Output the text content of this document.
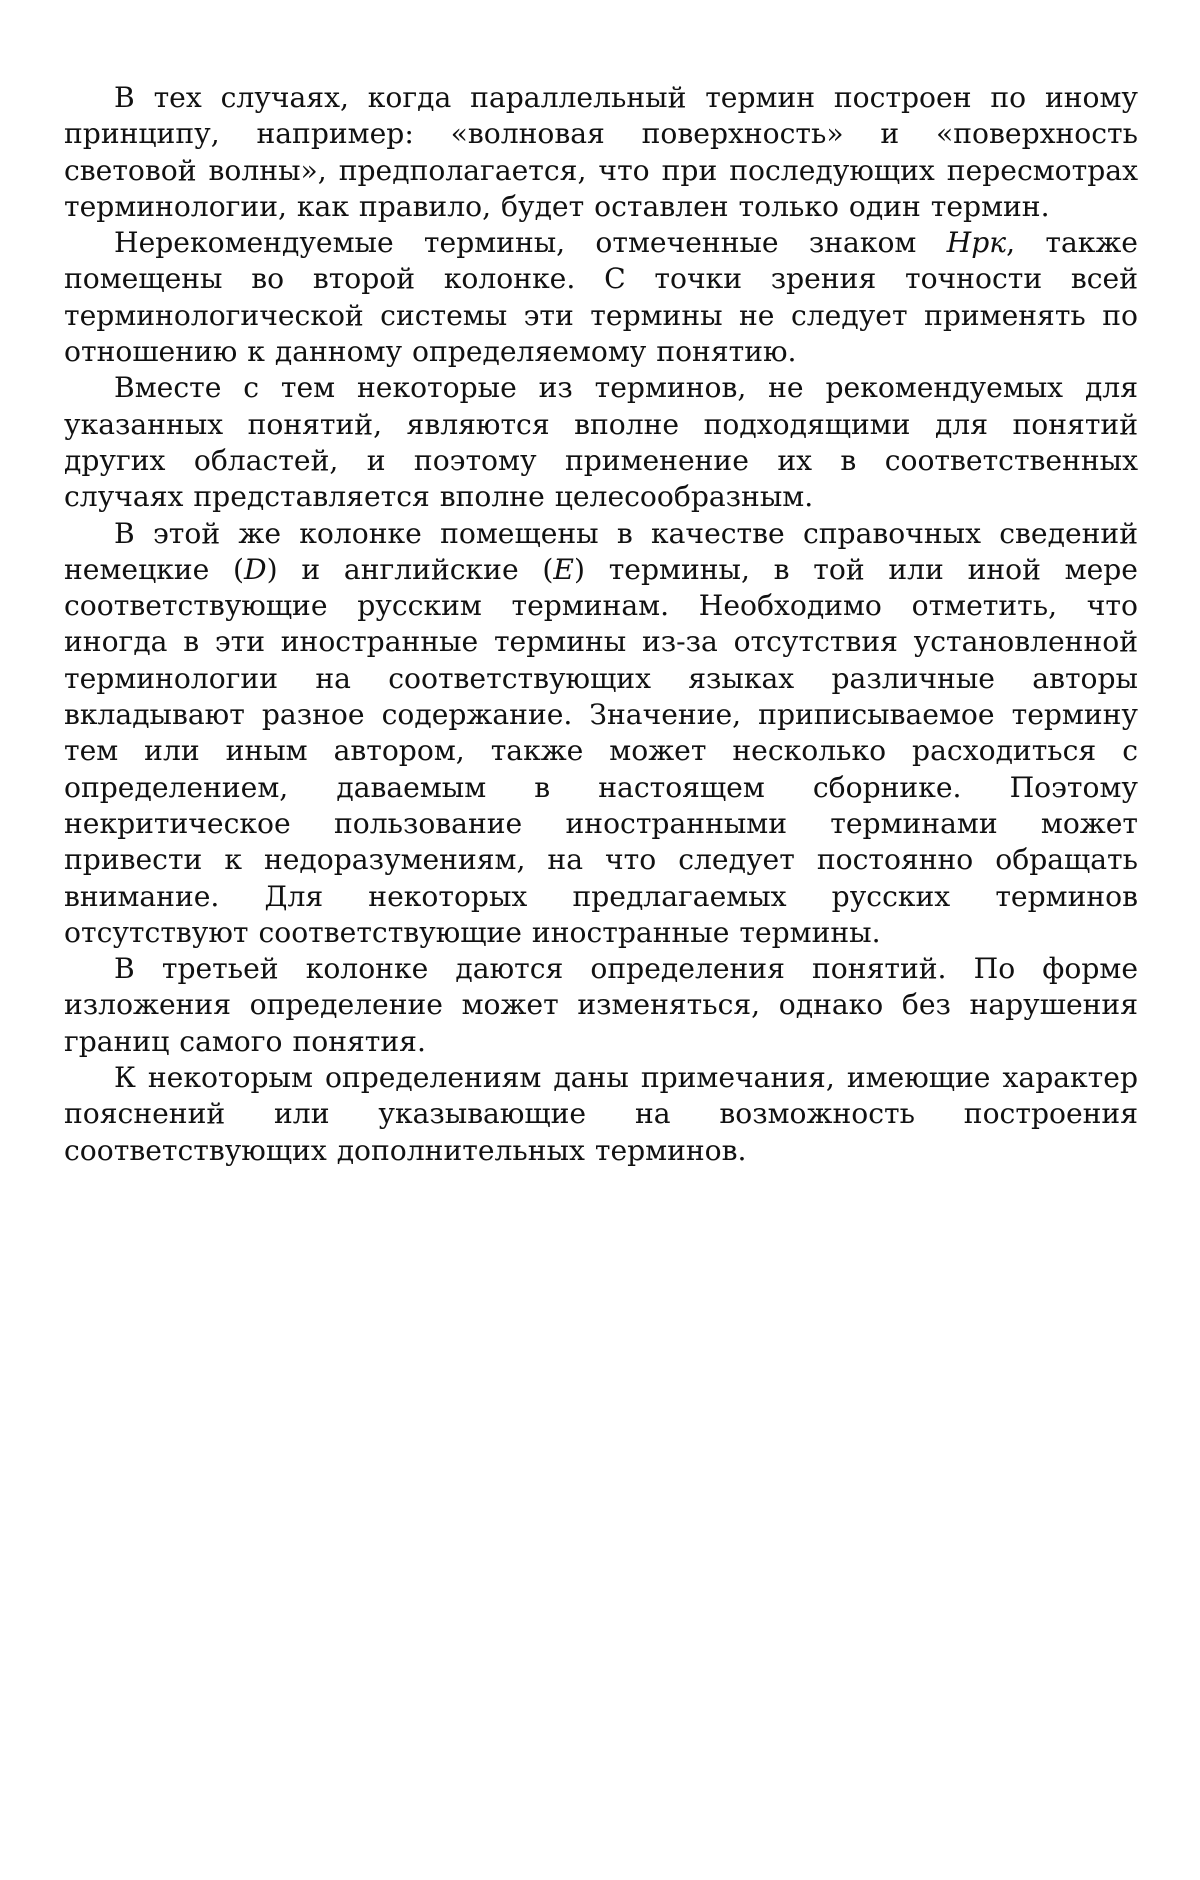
В тех случаях, когда параллельный термин построен по иному принципу, например: «волновая поверхность» и «поверхность световой волны», предполагается, что при последующих пересмотрах терминологии, как правило, будет оставлен только один термин.

Нерекомендуемые термины, отмеченные знаком Нрк, также помещены во второй колонке. С точки зрения точности всей терминологической системы эти термины не следует применять по отношению к данному определяемому понятию.

Вместе с тем некоторые из терминов, не рекомендуемых для указанных понятий, являются вполне подходящими для понятий других областей, и поэтому применение их в соответственных случаях представляется вполне целесообразным.

В этой же колонке помещены в качестве справочных сведений немецкие (D) и английские (E) термины, в той или иной мере соответствующие русским терминам. Необходимо отметить, что иногда в эти иностранные термины из-за отсутствия установленной терминологии на соответствующих языках различные авторы вкладывают разное содержание. Значение, приписываемое термину тем или иным автором, также может несколько расходиться с определением, даваемым в настоящем сборнике. Поэтому некритическое пользование иностранными терминами может привести к недоразумениям, на что следует постоянно обращать внимание. Для некоторых предлагаемых русских терминов отсутствуют соответствующие иностранные термины.

В третьей колонке даются определения понятий. По форме изложения определение может изменяться, однако без нарушения границ самого понятия.

К некоторым определениям даны примечания, имеющие характер пояснений или указывающие на возможность построения соответствующих дополнительных терминов.
